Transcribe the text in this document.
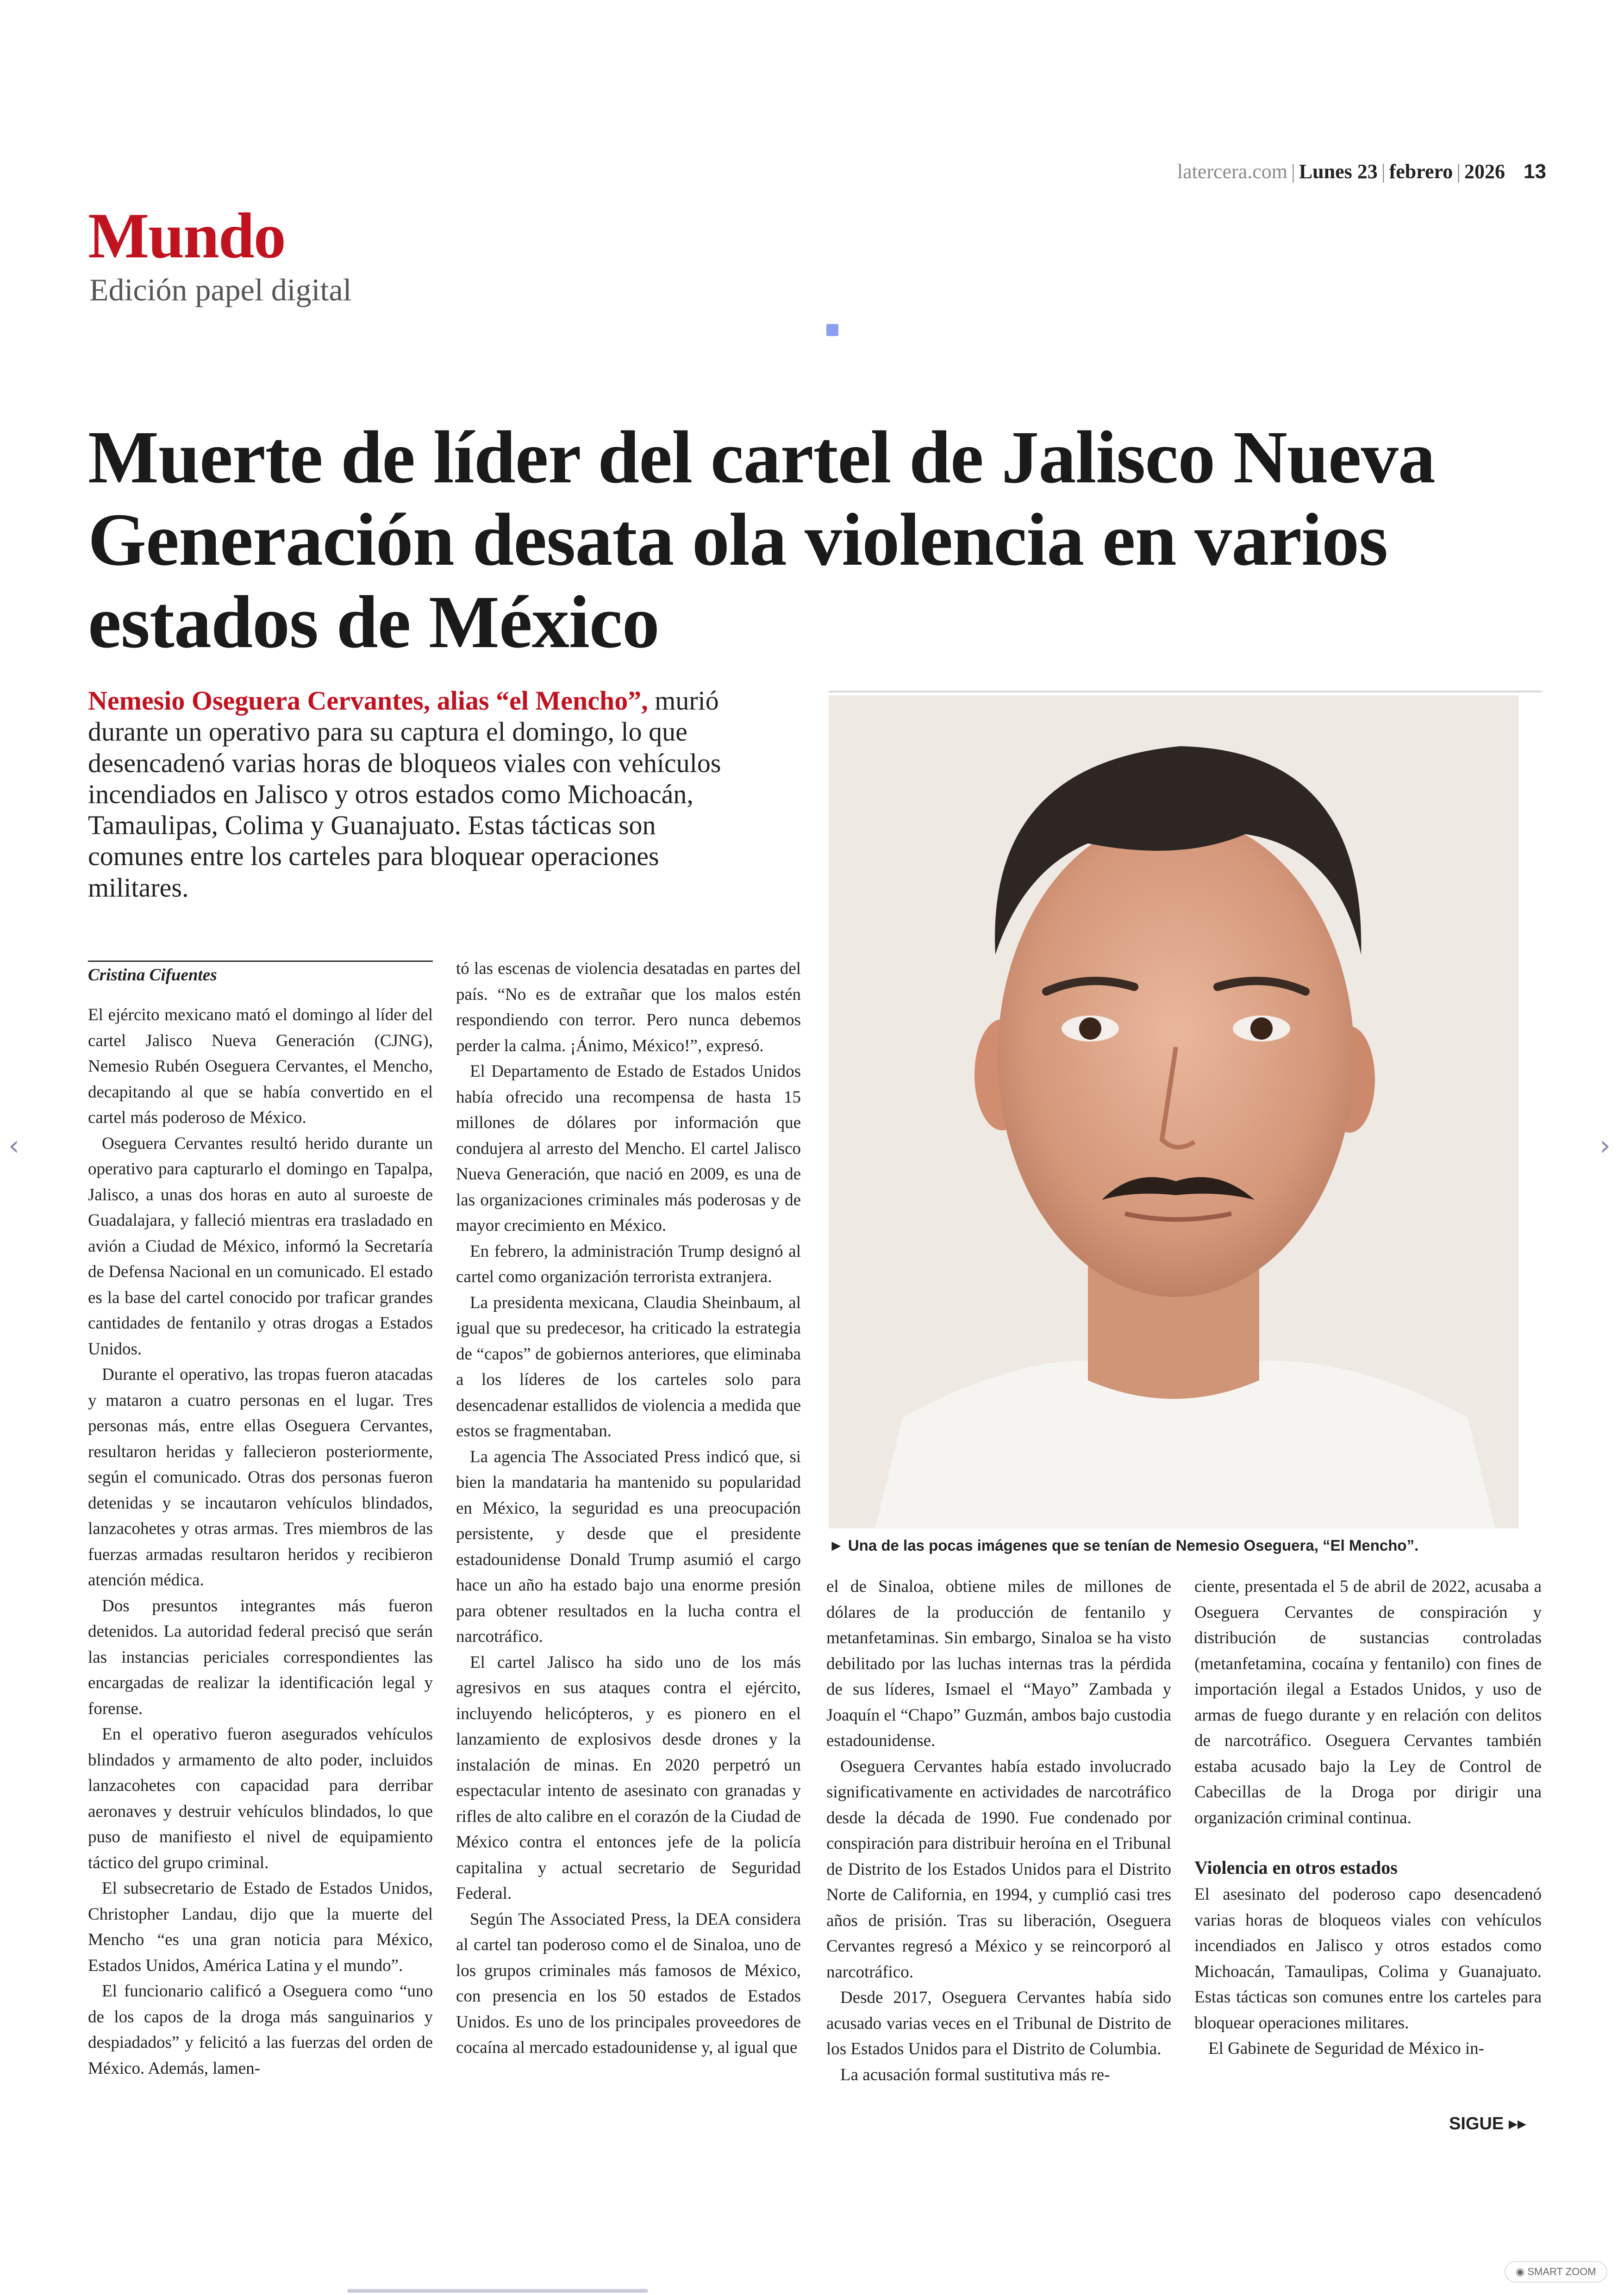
latercera.com | Lunes 23 | febrero | 2026 13
Mundo
Edición papel digital
Muerte de líder del cartel de Jalisco Nueva Generación desata ola violencia en varios estados de México
Nemesio Oseguera Cervantes, alias “el Mencho”, murió durante un operativo para su captura el domingo, lo que desencadenó varias horas de bloqueos viales con vehículos incendiados en Jalisco y otros estados como Michoacán, Tamaulipas, Colima y Guanajuato. Estas tácticas son comunes entre los carteles para bloquear operaciones militares.
► Una de las pocas imágenes que se tenían de Nemesio Oseguera, “El Mencho”.
Cristina Cifuentes

El ejército mexicano mató el domingo al líder del cartel Jalisco Nueva Generación (CJNG), Nemesio Rubén Oseguera Cervantes, el Mencho, decapitando al que se había convertido en el cartel más poderoso de México.

Oseguera Cervantes resultó herido durante un operativo para capturarlo el domingo en Tapalpa, Jalisco, a unas dos horas en auto al suroeste de Guadalajara, y falleció mientras era trasladado en avión a Ciudad de México, informó la Secretaría de Defensa Nacional en un comunicado. El estado es la base del cartel conocido por traficar grandes cantidades de fentanilo y otras drogas a Estados Unidos.

Durante el operativo, las tropas fueron atacadas y mataron a cuatro personas en el lugar. Tres personas más, entre ellas Oseguera Cervantes, resultaron heridas y fallecieron posteriormente, según el comunicado. Otras dos personas fueron detenidas y se incautaron vehículos blindados, lanzacohetes y otras armas. Tres miembros de las fuerzas armadas resultaron heridos y recibieron atención médica.

Dos presuntos integrantes más fueron detenidos. La autoridad federal precisó que serán las instancias periciales correspondientes las encargadas de realizar la identificación legal y forense.

En el operativo fueron asegurados vehículos blindados y armamento de alto poder, incluidos lanzacohetes con capacidad para derribar aeronaves y destruir vehículos blindados, lo que puso de manifiesto el nivel de equipamiento táctico del grupo criminal.

El subsecretario de Estado de Estados Unidos, Christopher Landau, dijo que la muerte del Mencho “es una gran noticia para México, Estados Unidos, América Latina y el mundo”.

El funcionario calificó a Oseguera como “uno de los capos de la droga más sanguinarios y despiadados” y felicitó a las fuerzas del orden de México. Además, lamen-

tó las escenas de violencia desatadas en partes del país. “No es de extrañar que los malos estén respondiendo con terror. Pero nunca debemos perder la calma. ¡Ánimo, México!”, expresó.

El Departamento de Estado de Estados Unidos había ofrecido una recompensa de hasta 15 millones de dólares por información que condujera al arresto del Mencho. El cartel Jalisco Nueva Generación, que nació en 2009, es una de las organizaciones criminales más poderosas y de mayor crecimiento en México.

En febrero, la administración Trump designó al cartel como organización terrorista extranjera.

La presidenta mexicana, Claudia Sheinbaum, al igual que su predecesor, ha criticado la estrategia de “capos” de gobiernos anteriores, que eliminaba a los líderes de los carteles solo para desencadenar estallidos de violencia a medida que estos se fragmentaban.

La agencia The Associated Press indicó que, si bien la mandataria ha mantenido su popularidad en México, la seguridad es una preocupación persistente, y desde que el presidente estadounidense Donald Trump asumió el cargo hace un año ha estado bajo una enorme presión para obtener resultados en la lucha contra el narcotráfico.

El cartel Jalisco ha sido uno de los más agresivos en sus ataques contra el ejército, incluyendo helicópteros, y es pionero en el lanzamiento de explosivos desde drones y la instalación de minas. En 2020 perpetró un espectacular intento de asesinato con granadas y rifles de alto calibre en el corazón de la Ciudad de México contra el entonces jefe de la policía capitalina y actual secretario de Seguridad Federal.

Según The Associated Press, la DEA considera al cartel tan poderoso como el de Sinaloa, uno de los grupos criminales más famosos de México, con presencia en los 50 estados de Estados Unidos. Es uno de los principales proveedores de cocaína al mercado estadounidense y, al igual que

el de Sinaloa, obtiene miles de millones de dólares de la producción de fentanilo y metanfetaminas. Sin embargo, Sinaloa se ha visto debilitado por las luchas internas tras la pérdida de sus líderes, Ismael el “Mayo” Zambada y Joaquín el “Chapo” Guzmán, ambos bajo custodia estadounidense.

Oseguera Cervantes había estado involucrado significativamente en actividades de narcotráfico desde la década de 1990. Fue condenado por conspiración para distribuir heroína en el Tribunal de Distrito de los Estados Unidos para el Distrito Norte de California, en 1994, y cumplió casi tres años de prisión. Tras su liberación, Oseguera Cervantes regresó a México y se reincorporó al narcotráfico.

Desde 2017, Oseguera Cervantes había sido acusado varias veces en el Tribunal de Distrito de los Estados Unidos para el Distrito de Columbia.

La acusación formal sustitutiva más re-

ciente, presentada el 5 de abril de 2022, acusaba a Oseguera Cervantes de conspiración y distribución de sustancias controladas (metanfetamina, cocaína y fentanilo) con fines de importación ilegal a Estados Unidos, y uso de armas de fuego durante y en relación con delitos de narcotráfico. Oseguera Cervantes también estaba acusado bajo la Ley de Control de Cabecillas de la Droga por dirigir una organización criminal continua.

Violencia en otros estados

El asesinato del poderoso capo desencadenó varias horas de bloqueos viales con vehículos incendiados en Jalisco y otros estados como Michoacán, Tamaulipas, Colima y Guanajuato. Estas tácticas son comunes entre los carteles para bloquear operaciones militares.

El Gabinete de Seguridad de México in-

SIGUE ▸▸
‹	›
◉ SMART ZOOM
